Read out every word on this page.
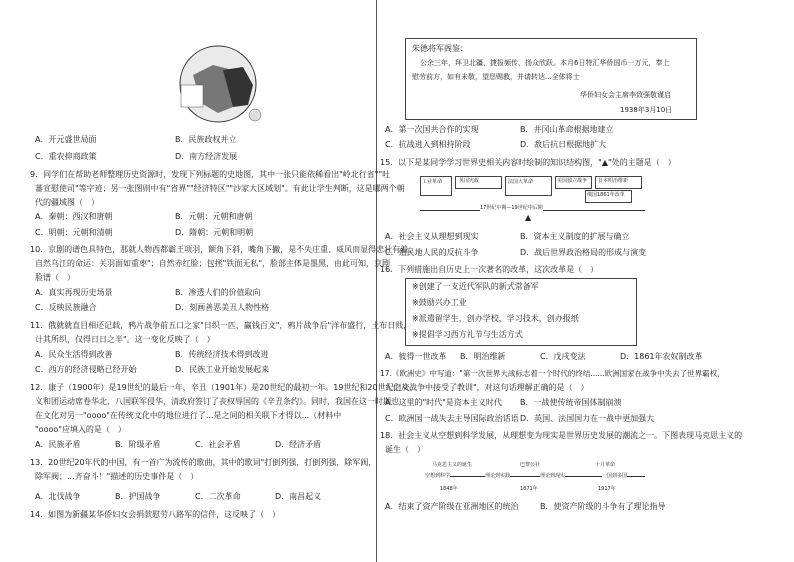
A．开元盛世局面	B．民族政权并立
C．重农抑商政策	D．南方经济发展
9．同学们在帮助老师整理历史资源时，发现下列标题的史地图，其中一张只能依稀看出"岭北行省""吐
蕃宣慰使司"等字迹；另一张图则中有"省界""经济特区""沙家大区域划"。有此让学生判断，这是哪两个朝
代的疆域图（　）
A．秦朝：西汉和唐朝	B．元朝：元朝和唐朝
C．明朝：元朝和清朝	D．隋朝：元朝和明朝
10．京剧的谱色具特色，那就人物西都霸王项羽，额角下斜，嘴角下撇，是不失庄重、威风而显得悲壮有着；
自然乌江的命运：关羽面如重枣"；自然赤红脸；包拯"铁面无私"，脸部主体是墨黑，由此可知，京剧
脸谱（　）
A．真实再现历史场景	B．渗透人们的价值取向
C．反映民族融合	D．刻画善恶美丑人物性格
11．俄就就直目相还记载，鸦片战争前五口之家"日织一匹，赢钱百文"，鸦片战争后"洋布盛行，土布日贱，
计其所织，仅得日日之半"。这一变化反映了（　）
A．民众生活得到改善	B．传统经济技术得到改进
C．西方的经济侵略已经开始	D．民族工业开始发展起来
12．康子（1900年）是19世纪的最后一年，辛丑（1901年）是20世纪的最初一年。19世纪和20世纪之交，
义和团运动席卷华北，八国联军侵华，清政府签订了丧权辱国的《辛丑条约》。同时，我国在这一时期也
在文化对另一"oooo"在传统文化中的地位进行了...是之间的相关联下才得以...（材料中
"oooo"应填入的是（　）
A．民族矛盾	B．阶级矛盾	C．社会矛盾	D．经济矛盾
13．20世纪20年代的中国，有一首广为流传的歌曲，其中的歌词"打倒列强，打倒列强，除军阀，
除军阀；...齐奋斗！"描述的历史事件是（　）
A．北伐战争	B．护国战争	C．二次革命	D．南昌起义
14．如图为新疆某华侨妇女会捐款慰劳八路军的信件，这反映了（　）
朱德将军阁鉴：
公余三年，拜卫北疆，捷报频传，扬众欣跃。本月6日特汇华侨国币一万元，奉上
慰劳前方，如有未敬，望恳赐教，并请转达...全体将士
华侨妇女会主席李致强敬谨启
1938年3月10日
A．第一次国共合作的实现	B．井冈山革命根据地建立
C．抗战进入到相持阶段	D．敌后抗日根据地扩大
15．以下是某同学学习世界史相关内容时绘制的知识结构图，"▲"处的主题是（　）
工业革命	英国宪政	法国大革命	美国独立战争 日本明治维新
俄国1861年改革
17世纪中期—19世纪中后期
▲
A．社会主义从理想到现实	B．资本主义制度的扩展与确立
C．殖民地人民的反抗斗争	D．战后世界政治格局的形成与演变
16．下列措施出自历史上一次著名的改革，这次改革是（　）
※创建了一支近代军队的新式常备军
※鼓励兴办工业
※派遣留学生，创办学校，学习技术，创办报纸
※提倡学习西方礼节与生活方式
A．彼得一世改革 B．明治维新	C．戊戌变法	D．1861年农奴制改革
17.《欧洲史》中写道："第一次世界大战标志着一个时代的终结......欧洲国家在战争中失去了世界霸权，
人们从战争中接受了教训"，对这句话理解正确的是（　）
A．这里的"时代"是资本主义时代 B．一战使传统帝国体制崩溃
C．欧洲国一战失去主导国际政治话语 D．英国、法国国力在一战中更加强大
18．社会主义从空想到科学发展，从理想变为现实是世界历史发展的潮流之一。下图表现马克思主义的
诞生（　）
马克思主义的诞生	巴黎公社	十月革命
空想到科学	理论到实践	理论到现实	一国到多国
1848年	1871年	1917年
A．结束了资产阶级在亚洲地区的统治	B．使资产阶级的斗争有了理论指导
